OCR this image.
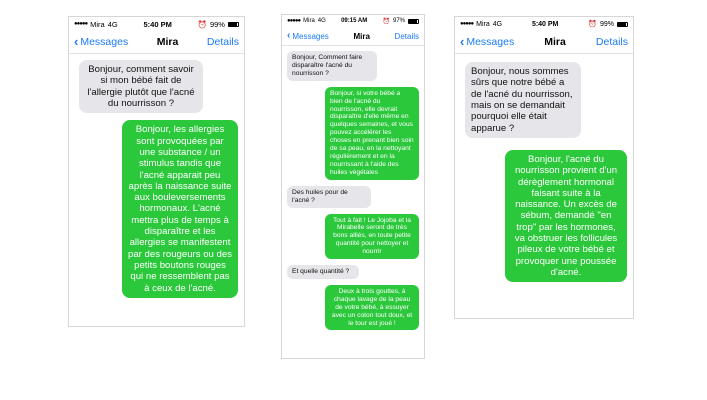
●●●●● Mira 4G	5:40 PM	⏰ 99%
‹ Messages	Mira	Details
Bonjour, comment savoir si mon bébé fait de l'allergie plutôt que l'acné du nourrisson ?
Bonjour, les allergies sont provoquées par une substance / un stimulus tandis que l'acné apparait peu après la naissance suite aux bouleversements hormonaux. L'acné mettra plus de temps à disparaître et les allergies se manifestent par des rougeurs ou des petits boutons rouges qui ne ressemblent pas à ceux de l'acné.
●●●●● Mira 4G	09:15 AM	⏰ 97%
‹ Messages	Mira	Details
Bonjour, Comment faire disparaître l'acné du nourrisson ?
Bonjour, si votre bébé a bien de l'acné du nourrisson, elle devrait disparaître d'elle même en quelques semaines, et vous pouvez accélérer les choses en prenant bien soin de sa peau, en la nettoyant régulièrement et en la nourrissant à l'aide des huiles végétales
Des huiles pour de l'acné ?
Tout à fait ! Le Jojoba et la Mirabelle seront de très bons alliés, en toute petite quantité pour nettoyer et nourrir
Et quelle quantité ?
Deux à trois gouttes, à chaque lavage de la peau de votre bébé, à essuyer avec un coton tout doux, et le tour est joué !
●●●●● Mira 4G	5:40 PM	⏰ 99%
‹ Messages	Mira	Details
Bonjour, nous sommes sûrs que notre bébé a de l'acné du nourrisson, mais on se demandait pourquoi elle était apparue ?
Bonjour, l'acné du nourrisson provient d'un dérèglement hormonal faisant suite à la naissance. Un excès de sébum, demandé "en trop" par les hormones, va obstruer les follicules pileux de votre bébé et provoquer une poussée d'acné.
